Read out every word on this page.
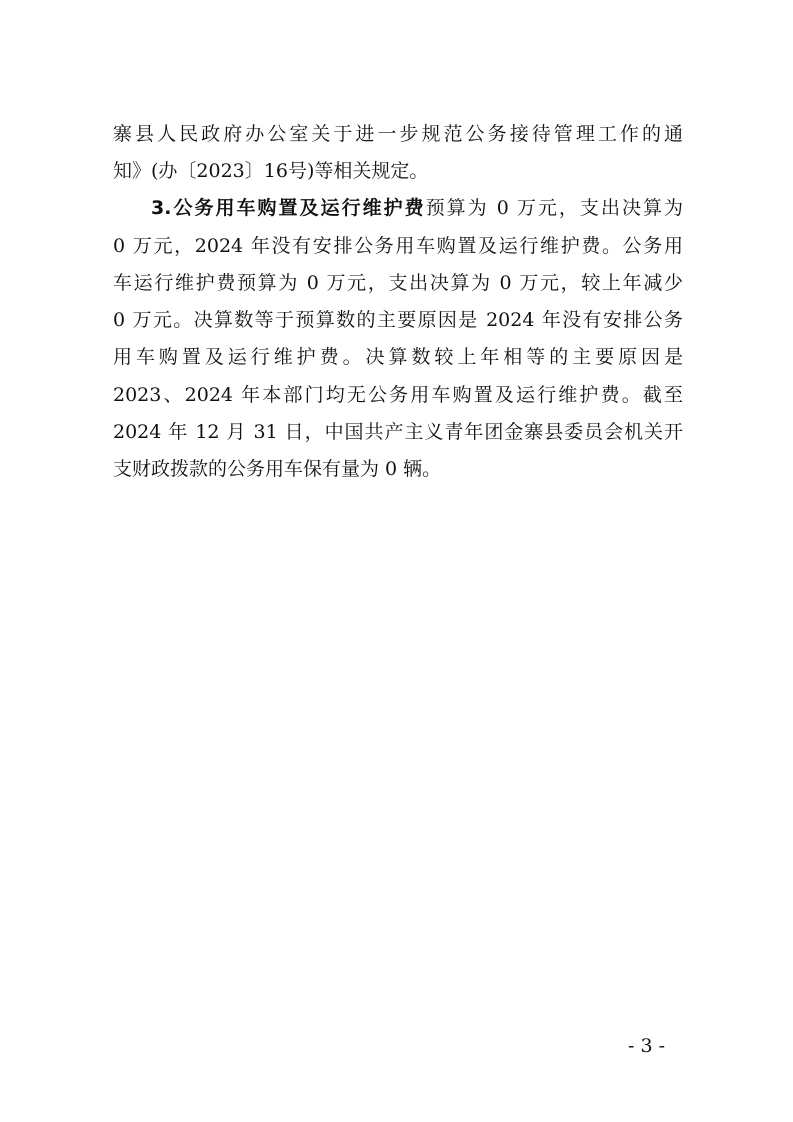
寨县人民政府办公室关于进一步规范公务接待管理工作的通
知》(办〔2023〕16号)等相关规定。
3.公务用车购置及运行维护费预算为 0 万元，支出决算为
0 万元，2024 年没有安排公务用车购置及运行维护费。公务用
车运行维护费预算为 0 万元，支出决算为 0 万元，较上年减少
0 万元。决算数等于预算数的主要原因是 2024 年没有安排公务
用车购置及运行维护费。决算数较上年相等的主要原因是
2023、2024 年本部门均无公务用车购置及运行维护费。截至
2024 年 12 月 31 日，中国共产主义青年团金寨县委员会机关开
支财政拨款的公务用车保有量为 0 辆。
- 3 -
